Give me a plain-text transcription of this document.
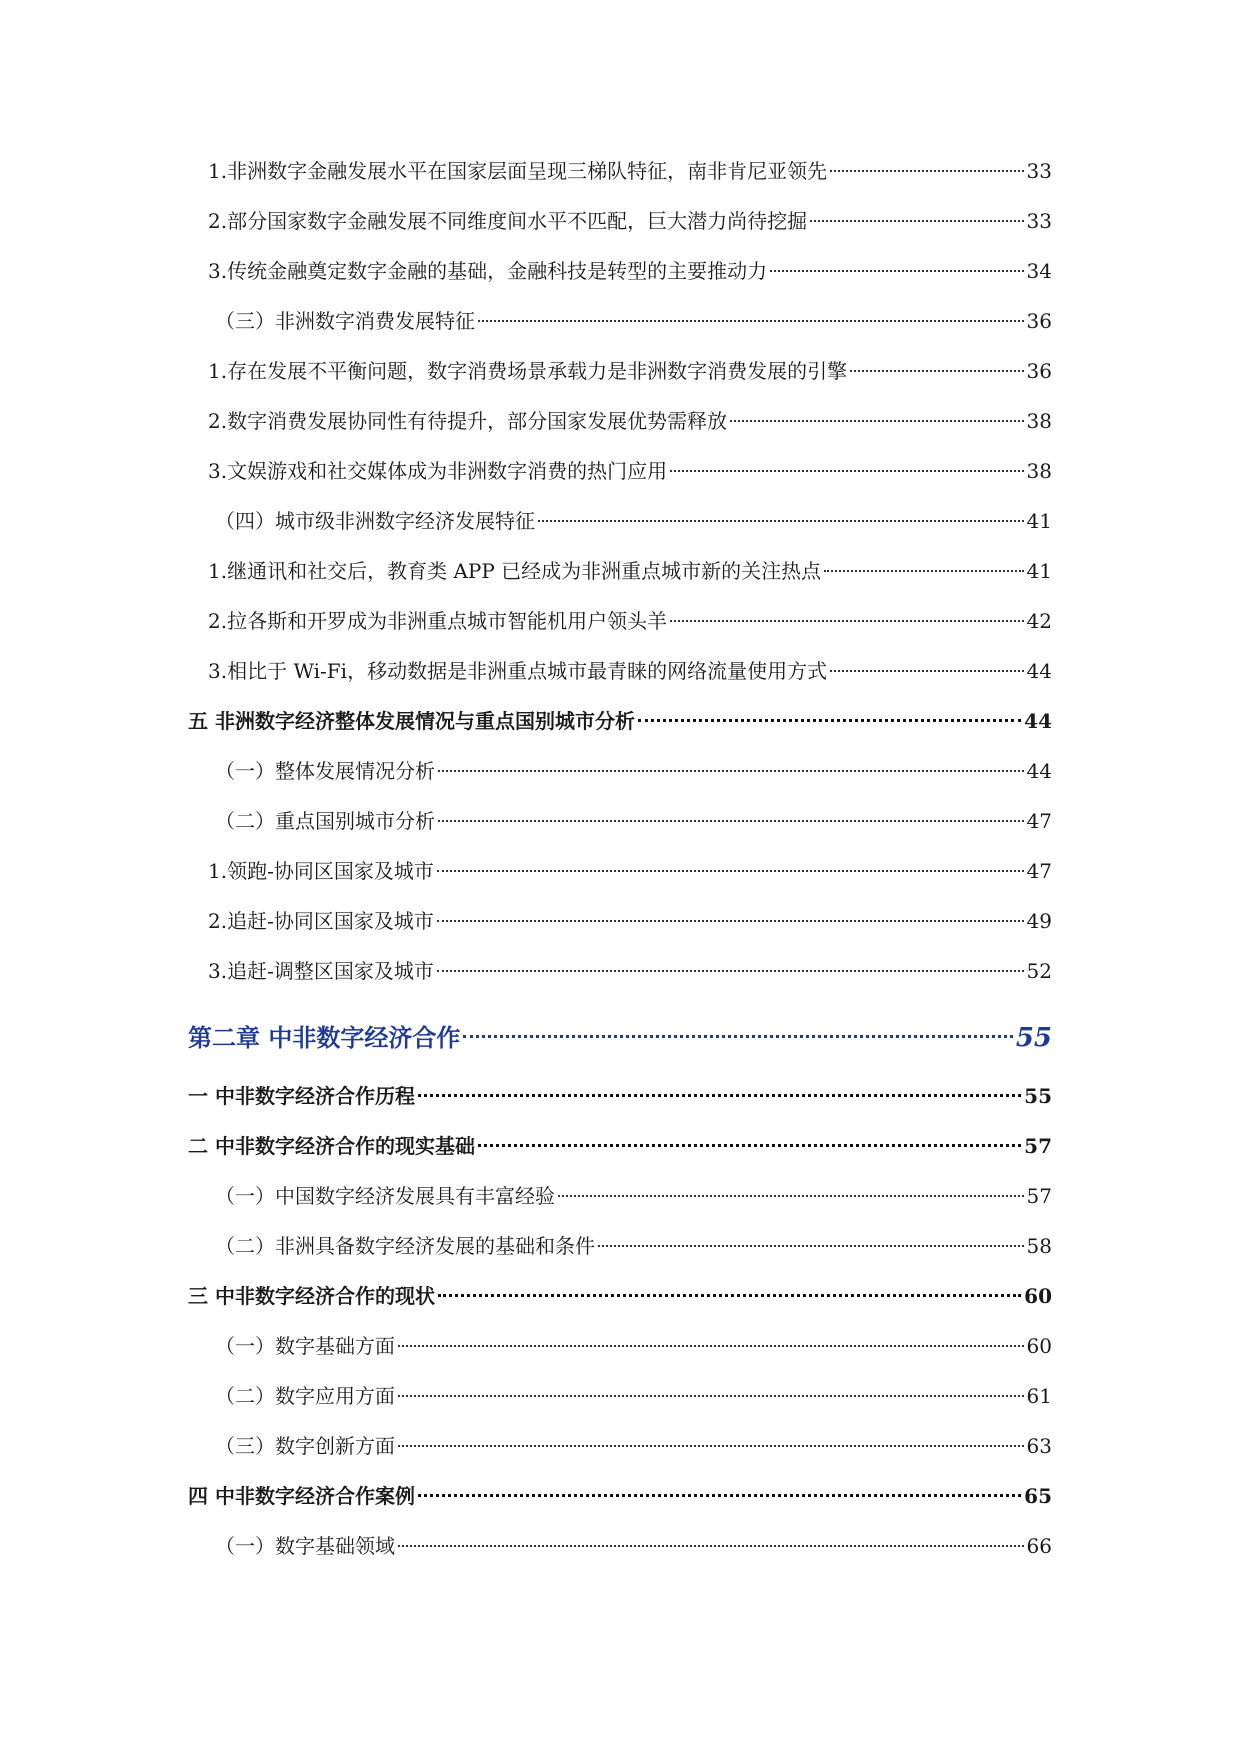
1.非洲数字金融发展水平在国家层面呈现三梯队特征，南非肯尼亚领先	33
2.部分国家数字金融发展不同维度间水平不匹配，巨大潜力尚待挖掘	33
3.传统金融奠定数字金融的基础，金融科技是转型的主要推动力	34
（三）非洲数字消费发展特征	36
1.存在发展不平衡问题，数字消费场景承载力是非洲数字消费发展的引擎	36
2.数字消费发展协同性有待提升，部分国家发展优势需释放	38
3.文娱游戏和社交媒体成为非洲数字消费的热门应用	38
（四）城市级非洲数字经济发展特征	41
1.继通讯和社交后，教育类 APP 已经成为非洲重点城市新的关注热点	41
2.拉各斯和开罗成为非洲重点城市智能机用户领头羊	42
3.相比于 Wi-Fi，移动数据是非洲重点城市最青睐的网络流量使用方式	44
五 非洲数字经济整体发展情况与重点国别城市分析	44
（一）整体发展情况分析	44
（二）重点国别城市分析	47
1.领跑-协同区国家及城市	47
2.追赶-协同区国家及城市	49
3.追赶-调整区国家及城市	52
第二章 中非数字经济合作	55
一 中非数字经济合作历程	55
二 中非数字经济合作的现实基础	57
（一）中国数字经济发展具有丰富经验	57
（二）非洲具备数字经济发展的基础和条件	58
三 中非数字经济合作的现状	60
（一）数字基础方面	60
（二）数字应用方面	61
（三）数字创新方面	63
四 中非数字经济合作案例	65
（一）数字基础领域	66
